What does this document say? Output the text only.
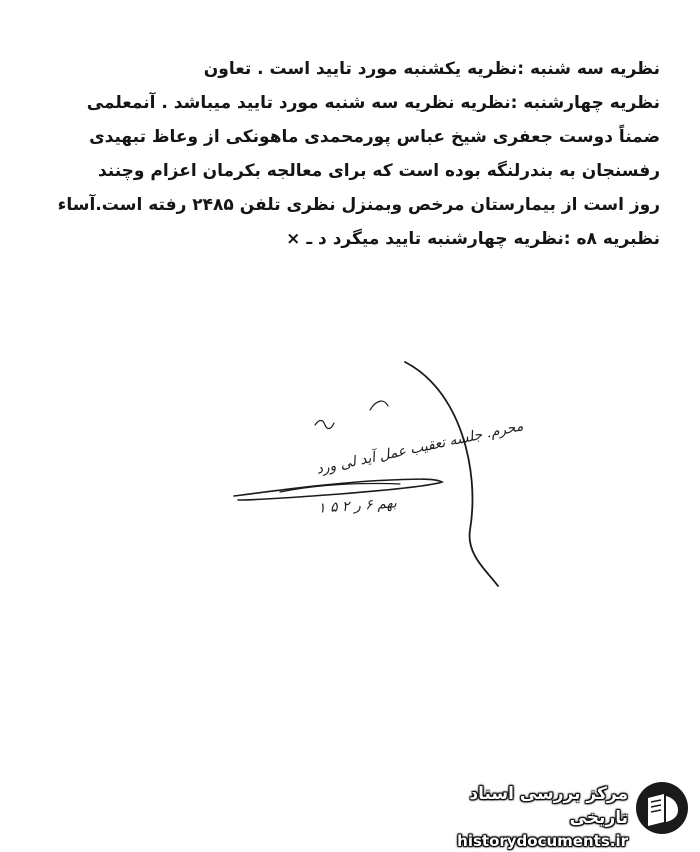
نظریه سه شنبه :نظریه یکشنبه مورد تایید است . تعاون
نظریه چهارشنبه :نظریه نظریه سه شنبه مورد تایید میباشد . آنمعلمی
ضمناً دوست جعفری شیخ عباس پورمحمدی ماهونکی از وعاظ تبهیدی
رفسنجان به بندرلنگه بوده است که برای معالجه بکرمان اعزام وچنند
روز است از بیمارستان مرخص وبمنزل نظری تلفن ۲۴۸۵ رفته است.آساء
نظبریه ۸ه :نظریه چهارشنبه تایید میگرد د ـ ×
محرم. جلسه تعقیب عمل آید لی ورد
بهم ۶ ر ۲ ۵ ۱
مرکز بررسی اسناد تاریخی
historydocuments.ir
